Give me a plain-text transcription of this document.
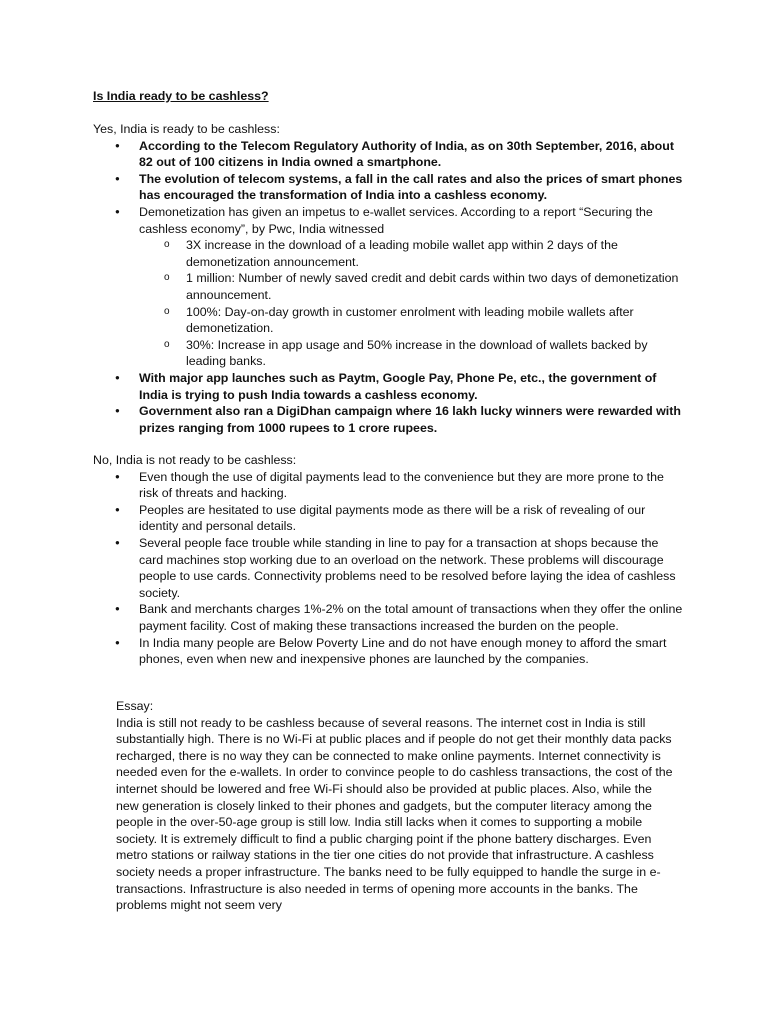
Is India ready to be cashless?

Yes, India is ready to be cashless:

● According to the Telecom Regulatory Authority of India, as on 30th September, 2016, about 82 out of 100 citizens in India owned a smartphone.
● The evolution of telecom systems, a fall in the call rates and also the prices of smart phones has encouraged the transformation of India into a cashless economy.
● Demonetization has given an impetus to e-wallet services. According to a report “Securing the cashless economy”, by Pwc, India witnessed
o 3X increase in the download of a leading mobile wallet app within 2 days of the demonetization announcement.
o 1 million: Number of newly saved credit and debit cards within two days of demonetization announcement.
o 100%: Day-on-day growth in customer enrolment with leading mobile wallets after demonetization.
o 30%: Increase in app usage and 50% increase in the download of wallets backed by leading banks.
● With major app launches such as Paytm, Google Pay, Phone Pe, etc., the government of India is trying to push India towards a cashless economy.
● Government also ran a DigiDhan campaign where 16 lakh lucky winners were rewarded with prizes ranging from 1000 rupees to 1 crore rupees.

No, India is not ready to be cashless:

● Even though the use of digital payments lead to the convenience but they are more prone to the risk of threats and hacking.
● Peoples are hesitated to use digital payments mode as there will be a risk of revealing of our identity and personal details.
● Several people face trouble while standing in line to pay for a transaction at shops because the card machines stop working due to an overload on the network. These problems will discourage people to use cards. Connectivity problems need to be resolved before laying the idea of cashless society.
● Bank and merchants charges 1%-2% on the total amount of transactions when they offer the online payment facility. Cost of making these transactions increased the burden on the people.
● In India many people are Below Poverty Line and do not have enough money to afford the smart phones, even when new and inexpensive phones are launched by the companies.

Essay:

India is still not ready to be cashless because of several reasons. The internet cost in India is still substantially high. There is no Wi-Fi at public places and if people do not get their monthly data packs recharged, there is no way they can be connected to make online payments. Internet connectivity is needed even for the e-wallets. In order to convince people to do cashless transactions, the cost of the internet should be lowered and free Wi-Fi should also be provided at public places. Also, while the new generation is closely linked to their phones and gadgets, but the computer literacy among the people in the over-50-age group is still low. India still lacks when it comes to supporting a mobile society. It is extremely difficult to find a public charging point if the phone battery discharges. Even metro stations or railway stations in the tier one cities do not provide that infrastructure. A cashless society needs a proper infrastructure. The banks need to be fully equipped to handle the surge in e-transactions. Infrastructure is also needed in terms of opening more accounts in the banks. The problems might not seem very
